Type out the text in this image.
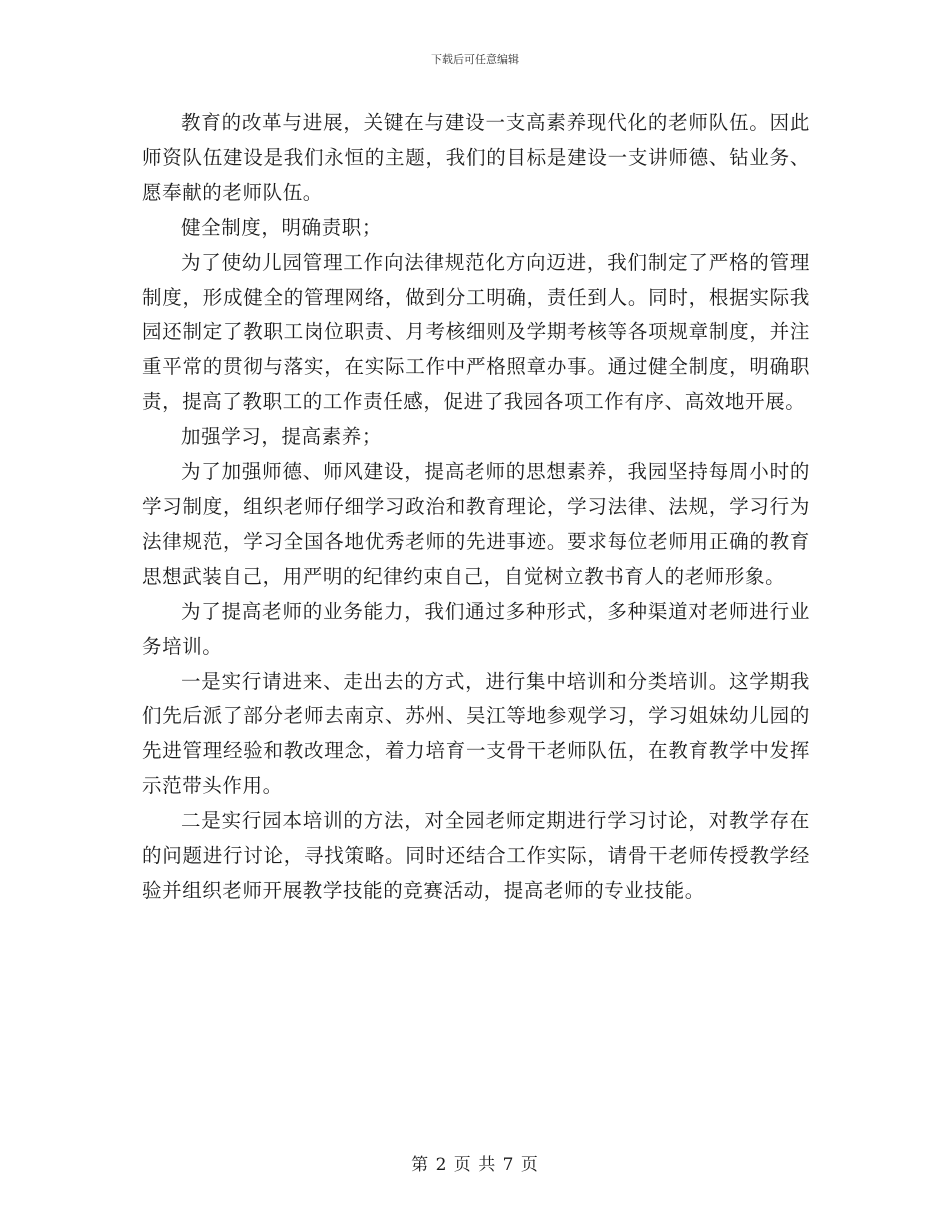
下载后可任意编辑

教育的改革与进展，关键在与建设一支高素养现代化的老师队伍。因此师资队伍建设是我们永恒的主题，我们的目标是建设一支讲师德、钻业务、愿奉献的老师队伍。

健全制度，明确责职；

为了使幼儿园管理工作向法律规范化方向迈进，我们制定了严格的管理制度，形成健全的管理网络，做到分工明确，责任到人。同时，根据实际我园还制定了教职工岗位职责、月考核细则及学期考核等各项规章制度，并注重平常的贯彻与落实，在实际工作中严格照章办事。通过健全制度，明确职责，提高了教职工的工作责任感，促进了我园各项工作有序、高效地开展。

加强学习，提高素养；

为了加强师德、师风建设，提高老师的思想素养，我园坚持每周小时的学习制度，组织老师仔细学习政治和教育理论，学习法律、法规，学习行为法律规范，学习全国各地优秀老师的先进事迹。要求每位老师用正确的教育思想武装自己，用严明的纪律约束自己，自觉树立教书育人的老师形象。

为了提高老师的业务能力，我们通过多种形式，多种渠道对老师进行业务培训。

一是实行请进来、走出去的方式，进行集中培训和分类培训。这学期我们先后派了部分老师去南京、苏州、吴江等地参观学习，学习姐妹幼儿园的先进管理经验和教改理念，着力培育一支骨干老师队伍，在教育教学中发挥示范带头作用。

二是实行园本培训的方法，对全园老师定期进行学习讨论，对教学存在的问题进行讨论，寻找策略。同时还结合工作实际，请骨干老师传授教学经验并组织老师开展教学技能的竞赛活动，提高老师的专业技能。

第 2 页 共 7 页
